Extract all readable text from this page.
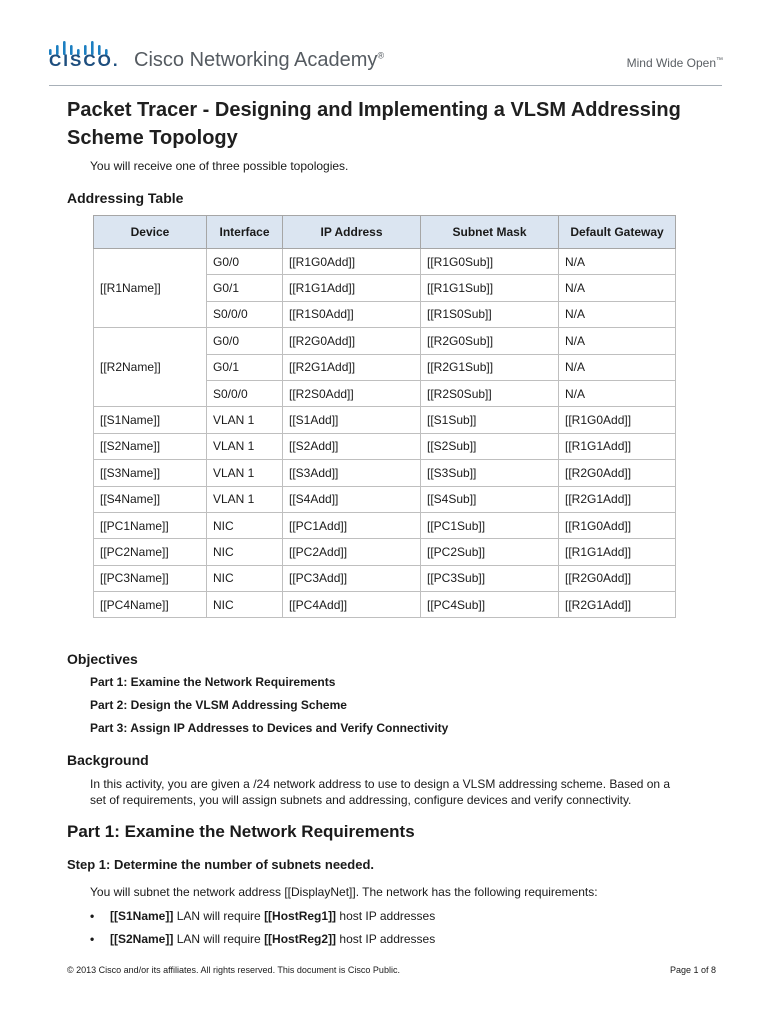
CISCO. Cisco Networking Academy®
Mind Wide Open™
Packet Tracer - Designing and Implementing a VLSM Addressing Scheme Topology
You will receive one of three possible topologies.
Addressing Table
Device	Interface	IP Address	Subnet Mask	Default Gateway
[[R1Name]]	G0/0	[[R1G0Add]]	[[R1G0Sub]]	N/A
	G0/1	[[R1G1Add]]	[[R1G1Sub]]	N/A
	S0/0/0	[[R1S0Add]]	[[R1S0Sub]]	N/A
[[R2Name]]	G0/0	[[R2G0Add]]	[[R2G0Sub]]	N/A
	G0/1	[[R2G1Add]]	[[R2G1Sub]]	N/A
	S0/0/0	[[R2S0Add]]	[[R2S0Sub]]	N/A
[[S1Name]]	VLAN 1	[[S1Add]]	[[S1Sub]]	[[R1G0Add]]
[[S2Name]]	VLAN 1	[[S2Add]]	[[S2Sub]]	[[R1G1Add]]
[[S3Name]]	VLAN 1	[[S3Add]]	[[S3Sub]]	[[R2G0Add]]
[[S4Name]]	VLAN 1	[[S4Add]]	[[S4Sub]]	[[R2G1Add]]
[[PC1Name]]	NIC	[[PC1Add]]	[[PC1Sub]]	[[R1G0Add]]
[[PC2Name]]	NIC	[[PC2Add]]	[[PC2Sub]]	[[R1G1Add]]
[[PC3Name]]	NIC	[[PC3Add]]	[[PC3Sub]]	[[R2G0Add]]
[[PC4Name]]	NIC	[[PC4Add]]	[[PC4Sub]]	[[R2G1Add]]
Objectives
Part 1: Examine the Network Requirements
Part 2: Design the VLSM Addressing Scheme
Part 3: Assign IP Addresses to Devices and Verify Connectivity
Background
In this activity, you are given a /24 network address to use to design a VLSM addressing scheme. Based on a
set of requirements, you will assign subnets and addressing, configure devices and verify connectivity.
Part 1: Examine the Network Requirements
Step 1: Determine the number of subnets needed.
You will subnet the network address [[DisplayNet]]. The network has the following requirements:
• [[S1Name]] LAN will require [[HostReg1]] host IP addresses
• [[S2Name]] LAN will require [[HostReg2]] host IP addresses
© 2013 Cisco and/or its affiliates. All rights reserved. This document is Cisco Public.	Page 1 of 8
